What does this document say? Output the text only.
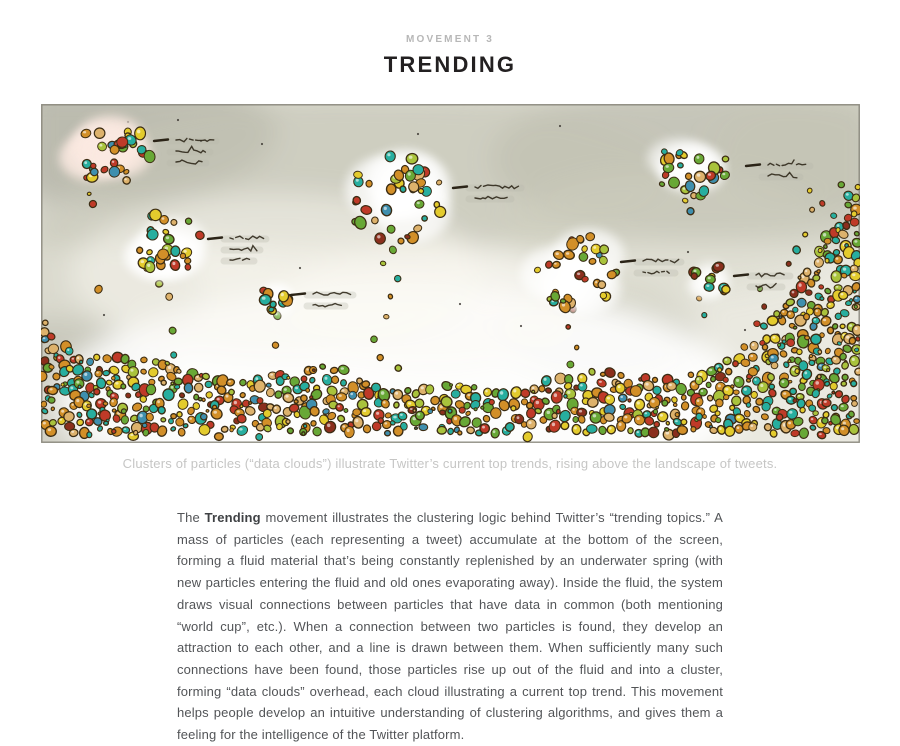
MOVEMENT 3
TRENDING
Clusters of particles (“data clouds”) illustrate Twitter’s current top trends, rising above the landscape of tweets.

The Trending movement illustrates the clustering logic behind Twitter’s “trending topics.” A mass of particles (each representing a tweet) accumulate at the bottom of the screen, forming a fluid material that’s being constantly replenished by an underwater spring (with new particles entering the fluid and old ones evaporating away). Inside the fluid, the system draws visual connections between particles that have data in common (both mentioning “world cup”, etc.). When a connection between two particles is found, they develop an attraction to each other, and a line is drawn between them. When sufficiently many such connections have been found, those particles rise up out of the fluid and into a cluster, forming “data clouds” overhead, each cloud illustrating a current top trend. This movement helps people develop an intuitive understanding of clustering algorithms, and gives them a feeling for the intelligence of the Twitter platform.
